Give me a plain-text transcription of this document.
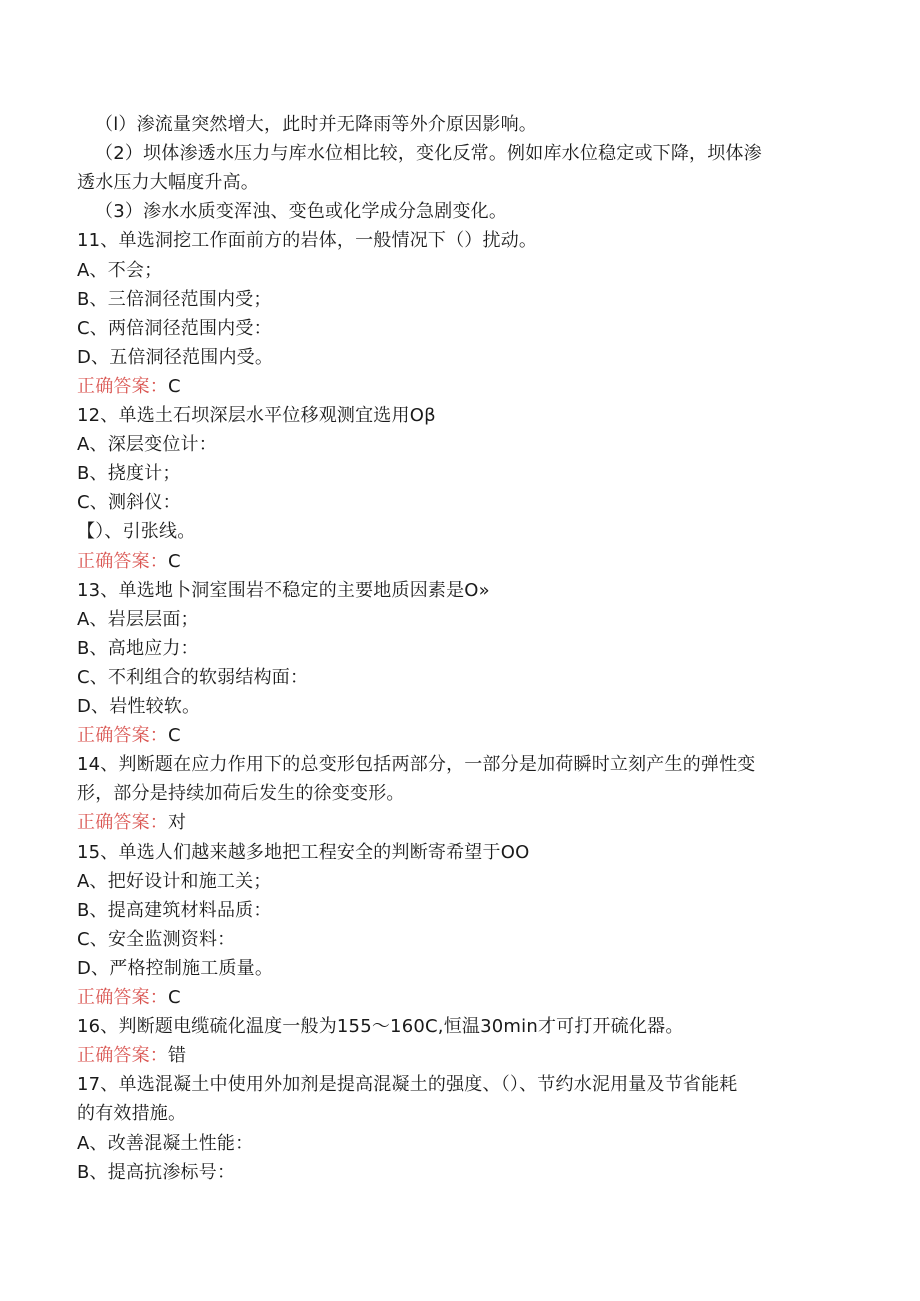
（l）渗流量突然增大，此时并无降雨等外介原因影响。
（2）坝体渗透水压力与库水位相比较，变化反常。例如库水位稳定或下降，坝体渗
透水压力大幅度升高。
（3）渗水水质变浑浊、变色或化学成分急剧变化。
11、单选洞挖工作面前方的岩体，一般情况下（）扰动。
A、不会；
B、三倍洞径范围内受；
C、两倍洞径范围内受：
D、五倍洞径范围内受。
正确答案：C
12、单选土石坝深层水平位移观测宜选用Oβ
A、深层变位计：
B、挠度计；
C、测斜仪：
【）、引张线。
正确答案：C
13、单选地卜洞室围岩不稳定的主要地质因素是O»
A、岩层层面；
B、高地应力：
C、不利组合的软弱结构面：
D、岩性较软。
正确答案：C
14、判断题在应力作用下的总变形包括两部分，一部分是加荷瞬时立刻产生的弹性变
形，部分是持续加荷后发生的徐变变形。
正确答案：对
15、单选人们越来越多地把工程安全的判断寄希望于OO
A、把好设计和施工关；
B、提高建筑材料品质：
C、安全监测资料：
D、严格控制施工质量。
正确答案：C
16、判断题电缆硫化温度一般为155～160C,恒温30min才可打开硫化器。
正确答案：错
17、单选混凝土中使用外加剂是提高混凝土的强度、（）、节约水泥用量及节省能耗
的有效措施。
A、改善混凝土性能：
B、提高抗渗标号：
